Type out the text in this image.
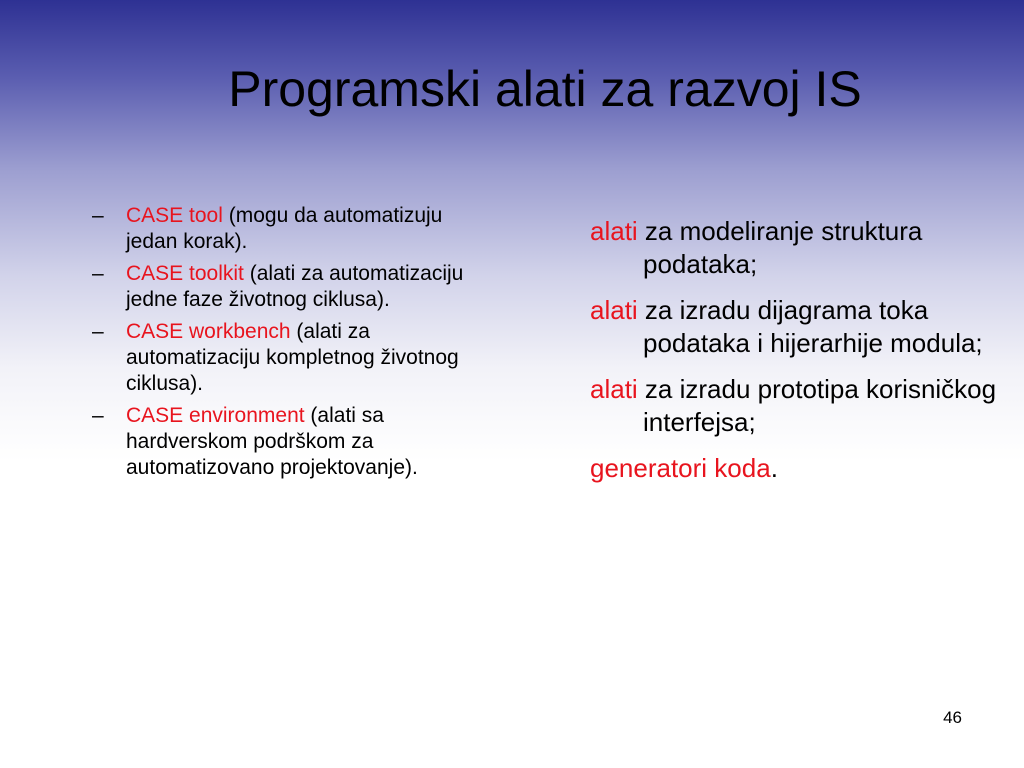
Programski alati za razvoj IS
– CASE tool (mogu da automatizuju jedan korak).
– CASE toolkit (alati za automatizaciju jedne faze životnog ciklusa).
– CASE workbench (alati za automatizaciju kompletnog životnog ciklusa).
– CASE environment (alati sa hardverskom podrškom za automatizovano projektovanje).
alati za modeliranje struktura podataka;
alati za izradu dijagrama toka podataka i hijerarhije modula;
alati za izradu prototipa korisničkog interfejsa;
generatori koda.
46
